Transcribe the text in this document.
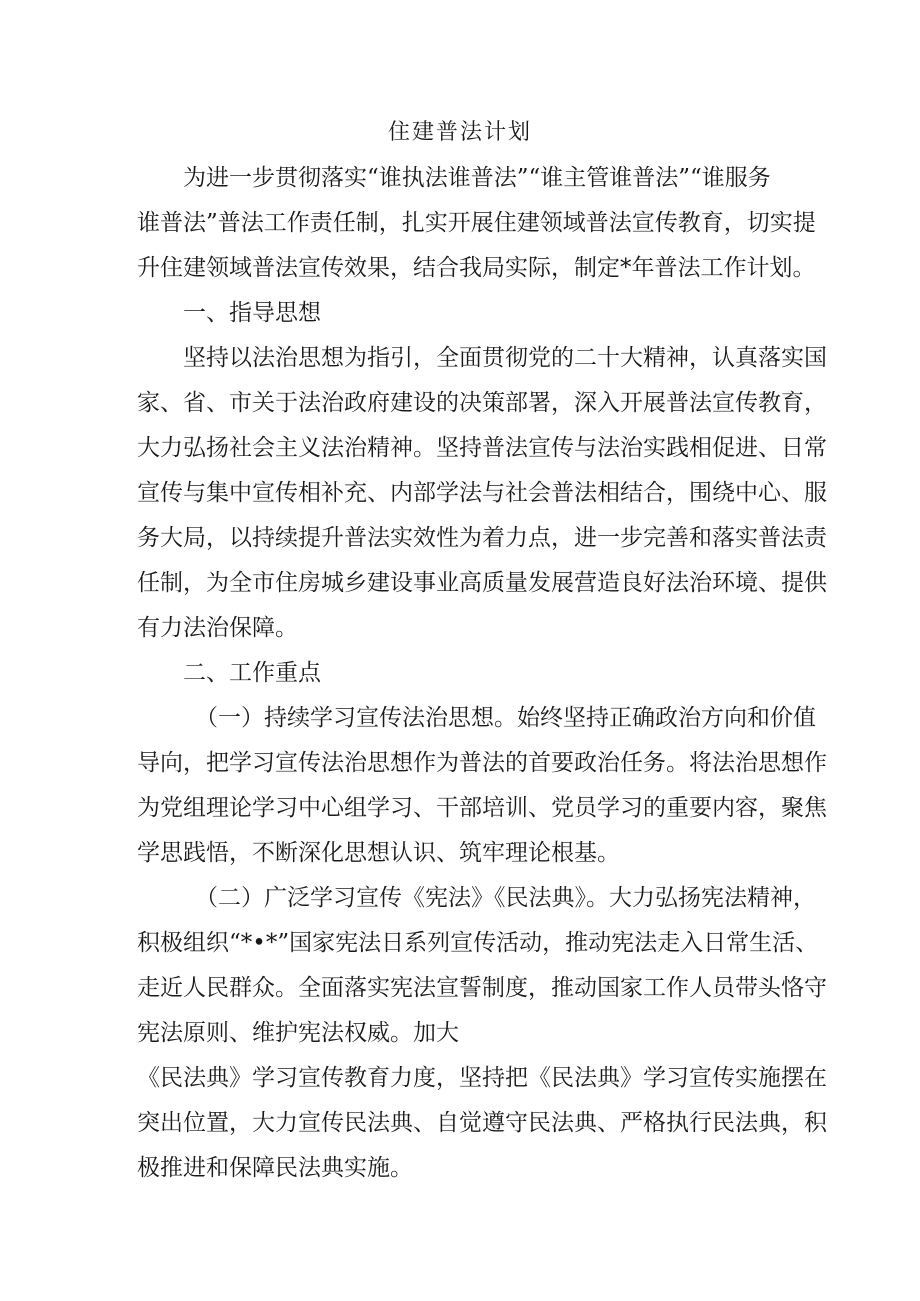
住建普法计划
为进一步贯彻落实“谁执法谁普法”“谁主管谁普法”“谁服务
谁普法”普法工作责任制，扎实开展住建领域普法宣传教育，切实提
升住建领域普法宣传效果，结合我局实际，制定*年普法工作计划。
一、指导思想
坚持以法治思想为指引，全面贯彻党的二十大精神，认真落实国
家、省、市关于法治政府建设的决策部署，深入开展普法宣传教育，
大力弘扬社会主义法治精神。坚持普法宣传与法治实践相促进、日常
宣传与集中宣传相补充、内部学法与社会普法相结合，围绕中心、服
务大局，以持续提升普法实效性为着力点，进一步完善和落实普法责
任制，为全市住房城乡建设事业高质量发展营造良好法治环境、提供
有力法治保障。
二、工作重点
（一）持续学习宣传法治思想。始终坚持正确政治方向和价值
导向，把学习宣传法治思想作为普法的首要政治任务。将法治思想作
为党组理论学习中心组学习、干部培训、党员学习的重要内容，聚焦
学思践悟，不断深化思想认识、筑牢理论根基。
（二）广泛学习宣传《宪法》《民法典》。大力弘扬宪法精神，
积极组织“*•*”国家宪法日系列宣传活动，推动宪法走入日常生活、
走近人民群众。全面落实宪法宣誓制度，推动国家工作人员带头恪守
宪法原则、维护宪法权威。加大
《民法典》学习宣传教育力度，坚持把《民法典》学习宣传实施摆在
突出位置，大力宣传民法典、自觉遵守民法典、严格执行民法典，积
极推进和保障民法典实施。
